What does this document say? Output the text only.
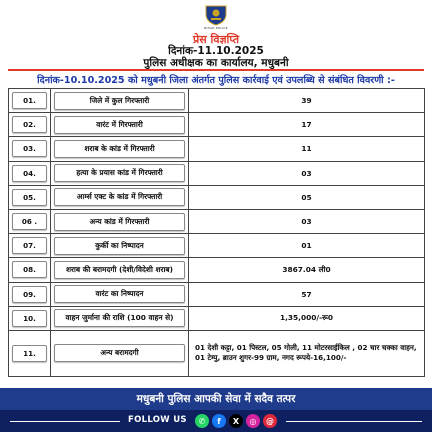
BIHAR POLICE
प्रेस विज्ञप्ति
दिनांक-11.10.2025
पुलिस अधीक्षक का कार्यालय, मधुबनी
दिनांक-10.10.2025 को मधुबनी जिला अंतर्गत पुलिस कार्रवाई एवं उपलब्धि से संबंधित विवरणी :-
01.	जिले में कुल गिरफ्तारी	39

02.	वारंट में गिरफ्तारी	17

03.	शराब के कांड में गिरफ्तारी	11

04.	हत्या के प्रयास कांड में गिरफ्तारी	03

05.	आर्म्स एक्ट के कांड में गिरफ्तारी	05

06 .	अन्य कांड में गिरफ्तारी	03

07.	कुर्की का निष्पादन	01

08.	शराब की बरामदगी (देशी/विदेशी शराब)	3867.04 ली0

09.	वारंट का निष्पादन	57

10.	वाहन जुर्माना की राशि (100 वाहन से)	1,35,000/-रू0

11.	अन्य बरामदगी	01 देशी कट्टा, 01 पिस्टल, 05 गोली, 11 मोटरसाईकिल , 02 चार चक्का वाहन, 01 टेम्पु, ब्राउन शुगर-99 ग्राम, नगद रूपये-16,100/-
मधुबनी पुलिस आपकी सेवा में सदैव तत्पर
FOLLOW US	✆	f	X	◎	@
